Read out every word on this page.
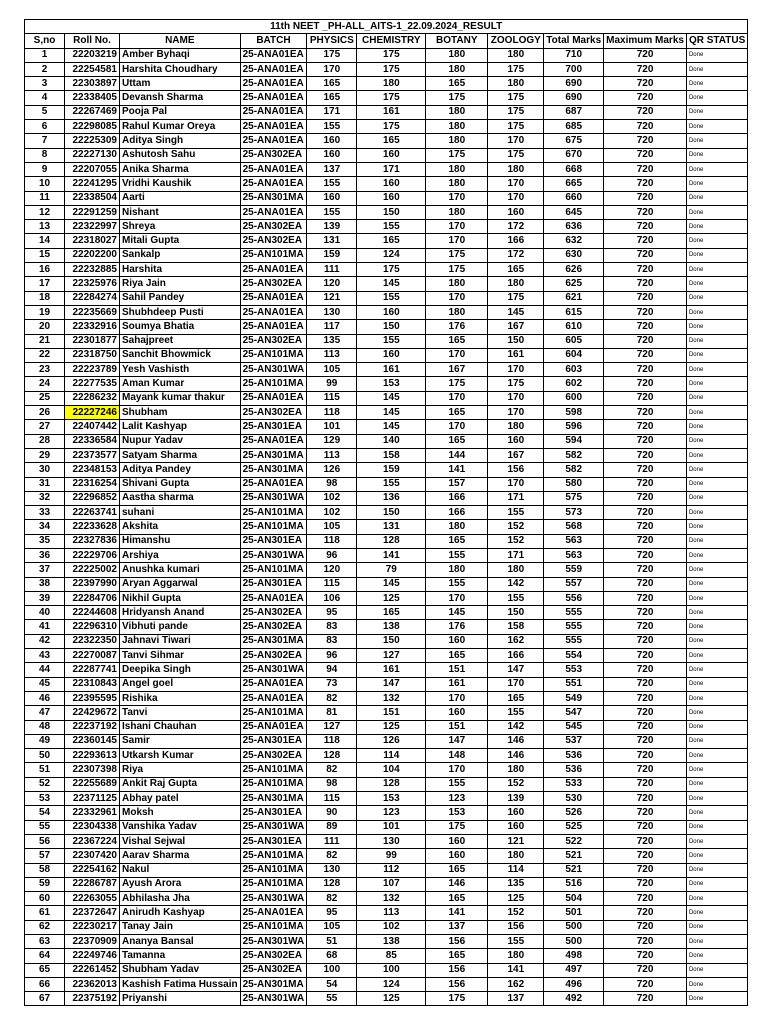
11th NEET _PH-ALL_AITS-1_22.09.2024_RESULT										
S,no	Roll No.	NAME	BATCH	PHYSICS	CHEMISTRY	BOTANY	ZOOLOGY	Total Marks	Maximum Marks	QR STATUS
1	22203219	Amber Byhaqi	25-ANA01EA	175	175	180	180	710	720	Done
2	22254581	Harshita Choudhary	25-ANA01EA	170	175	180	175	700	720	Done
3	22303897	Uttam	25-ANA01EA	165	180	165	180	690	720	Done
4	22338405	Devansh Sharma	25-ANA01EA	165	175	175	175	690	720	Done
5	22267469	Pooja Pal	25-ANA01EA	171	161	180	175	687	720	Done
6	22298085	Rahul Kumar Oreya	25-ANA01EA	155	175	180	175	685	720	Done
7	22225309	Aditya Singh	25-ANA01EA	160	165	180	170	675	720	Done
8	22227130	Ashutosh Sahu	25-AN302EA	160	160	175	175	670	720	Done
9	22207055	Anika Sharma	25-ANA01EA	137	171	180	180	668	720	Done
10	22241295	Vridhi Kaushik	25-ANA01EA	155	160	180	170	665	720	Done
11	22338504	Aarti	25-AN301MA	160	160	170	170	660	720	Done
12	22291259	Nishant	25-ANA01EA	155	150	180	160	645	720	Done
13	22322997	Shreya	25-AN302EA	139	155	170	172	636	720	Done
14	22318027	Mitali Gupta	25-AN302EA	131	165	170	166	632	720	Done
15	22202200	Sankalp	25-AN101MA	159	124	175	172	630	720	Done
16	22232885	Harshita	25-ANA01EA	111	175	175	165	626	720	Done
17	22325976	Riya Jain	25-AN302EA	120	145	180	180	625	720	Done
18	22284274	Sahil Pandey	25-ANA01EA	121	155	170	175	621	720	Done
19	22235669	Shubhdeep Pusti	25-ANA01EA	130	160	180	145	615	720	Done
20	22332916	Soumya Bhatia	25-ANA01EA	117	150	176	167	610	720	Done
21	22301877	Sahajpreet	25-AN302EA	135	155	165	150	605	720	Done
22	22318750	Sanchit Bhowmick	25-AN101MA	113	160	170	161	604	720	Done
23	22223789	Yesh Vashisth	25-AN301WA	105	161	167	170	603	720	Done
24	22277535	Aman Kumar	25-AN101MA	99	153	175	175	602	720	Done
25	22286232	Mayank kumar thakur	25-ANA01EA	115	145	170	170	600	720	Done
26	22227246	Shubham	25-AN302EA	118	145	165	170	598	720	Done
27	22407442	Lalit Kashyap	25-AN301EA	101	145	170	180	596	720	Done
28	22336584	Nupur Yadav	25-ANA01EA	129	140	165	160	594	720	Done
29	22373577	Satyam Sharma	25-AN301MA	113	158	144	167	582	720	Done
30	22348153	Aditya Pandey	25-AN301MA	126	159	141	156	582	720	Done
31	22316254	Shivani Gupta	25-ANA01EA	98	155	157	170	580	720	Done
32	22296852	Aastha sharma	25-AN301WA	102	136	166	171	575	720	Done
33	22263741	suhani	25-AN101MA	102	150	166	155	573	720	Done
34	22233628	Akshita	25-AN101MA	105	131	180	152	568	720	Done
35	22327836	Himanshu	25-AN301EA	118	128	165	152	563	720	Done
36	22229706	Arshiya	25-AN301WA	96	141	155	171	563	720	Done
37	22225002	Anushka kumari	25-AN101MA	120	79	180	180	559	720	Done
38	22397990	Aryan Aggarwal	25-AN301EA	115	145	155	142	557	720	Done
39	22284706	Nikhil Gupta	25-ANA01EA	106	125	170	155	556	720	Done
40	22244608	Hridyansh Anand	25-AN302EA	95	165	145	150	555	720	Done
41	22296310	Vibhuti pande	25-AN302EA	83	138	176	158	555	720	Done
42	22322350	Jahnavi Tiwari	25-AN301MA	83	150	160	162	555	720	Done
43	22270087	Tanvi Sihmar	25-AN302EA	96	127	165	166	554	720	Done
44	22287741	Deepika Singh	25-AN301WA	94	161	151	147	553	720	Done
45	22310843	Angel goel	25-ANA01EA	73	147	161	170	551	720	Done
46	22395595	Rishika	25-ANA01EA	82	132	170	165	549	720	Done
47	22429672	Tanvi	25-AN101MA	81	151	160	155	547	720	Done
48	22237192	Ishani Chauhan	25-ANA01EA	127	125	151	142	545	720	Done
49	22360145	Samir	25-AN301EA	118	126	147	146	537	720	Done
50	22293613	Utkarsh Kumar	25-AN302EA	128	114	148	146	536	720	Done
51	22307398	Riya	25-AN101MA	82	104	170	180	536	720	Done
52	22255689	Ankit Raj Gupta	25-AN101MA	98	128	155	152	533	720	Done
53	22371125	Abhay patel	25-AN301MA	115	153	123	139	530	720	Done
54	22332961	Moksh	25-AN301EA	90	123	153	160	526	720	Done
55	22304338	Vanshika Yadav	25-AN301WA	89	101	175	160	525	720	Done
56	22367224	Vishal Sejwal	25-AN301EA	111	130	160	121	522	720	Done
57	22307420	Aarav Sharma	25-AN101MA	82	99	160	180	521	720	Done
58	22254162	Nakul	25-AN101MA	130	112	165	114	521	720	Done
59	22286787	Ayush Arora	25-AN101MA	128	107	146	135	516	720	Done
60	22263055	Abhilasha Jha	25-AN301WA	82	132	165	125	504	720	Done
61	22372647	Anirudh Kashyap	25-ANA01EA	95	113	141	152	501	720	Done
62	22230217	Tanay Jain	25-AN101MA	105	102	137	156	500	720	Done
63	22370909	Ananya Bansal	25-AN301WA	51	138	156	155	500	720	Done
64	22249746	Tamanna	25-AN302EA	68	85	165	180	498	720	Done
65	22261452	Shubham Yadav	25-AN302EA	100	100	156	141	497	720	Done
66	22362013	Kashish Fatima Hussain	25-AN301MA	54	124	156	162	496	720	Done
67	22375192	Priyanshi	25-AN301WA	55	125	175	137	492	720	Done
